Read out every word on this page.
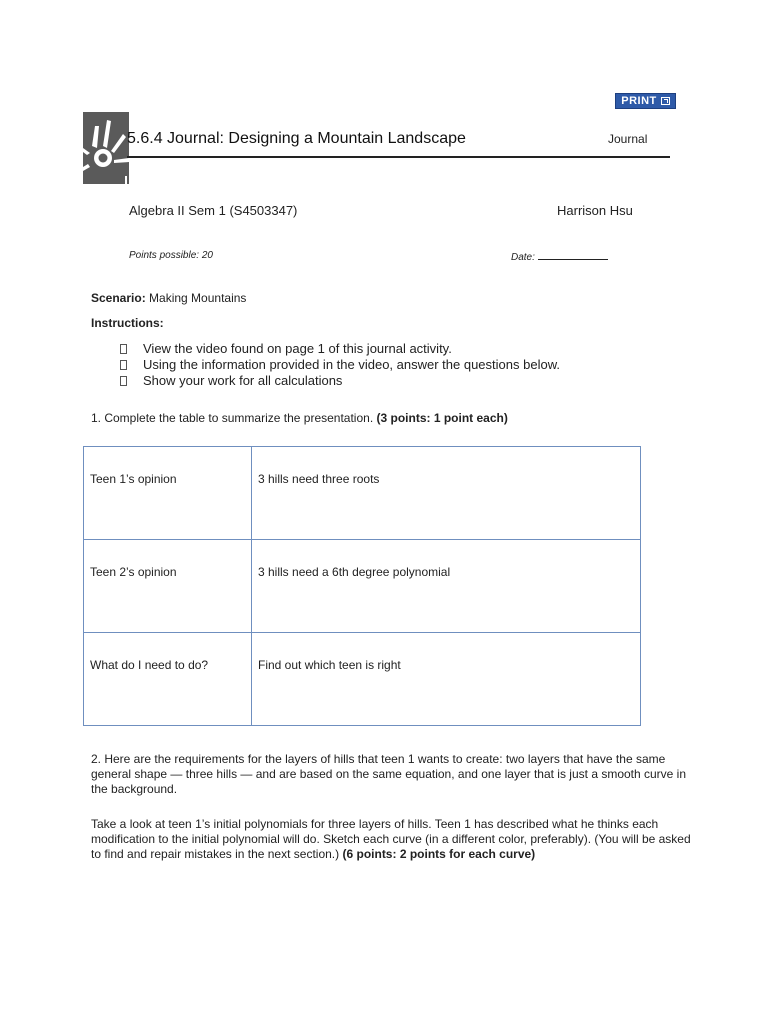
PRINT
5.6.4 Journal: Designing a Mountain Landscape	Journal
Algebra II Sem 1 (S4503347)	Harrison Hsu
Points possible: 20	Date:
Scenario: Making Mountains
Instructions:
View the video found on page 1 of this journal activity.
Using the information provided in the video, answer the questions below.
Show your work for all calculations
1. Complete the table to summarize the presentation. (3 points: 1 point each)
Teen 1’s opinion	3 hills need three roots
Teen 2’s opinion	3 hills need a 6th degree polynomial
What do I need to do?	Find out which teen is right
2. Here are the requirements for the layers of hills that teen 1 wants to create: two layers that have the same general shape — three hills — and are based on the same equation, and one layer that is just a smooth curve in the background.
Take a look at teen 1’s initial polynomials for three layers of hills. Teen 1 has described what he thinks each modification to the initial polynomial will do. Sketch each curve (in a different color, preferably). (You will be asked to find and repair mistakes in the next section.) (6 points: 2 points for each curve)
